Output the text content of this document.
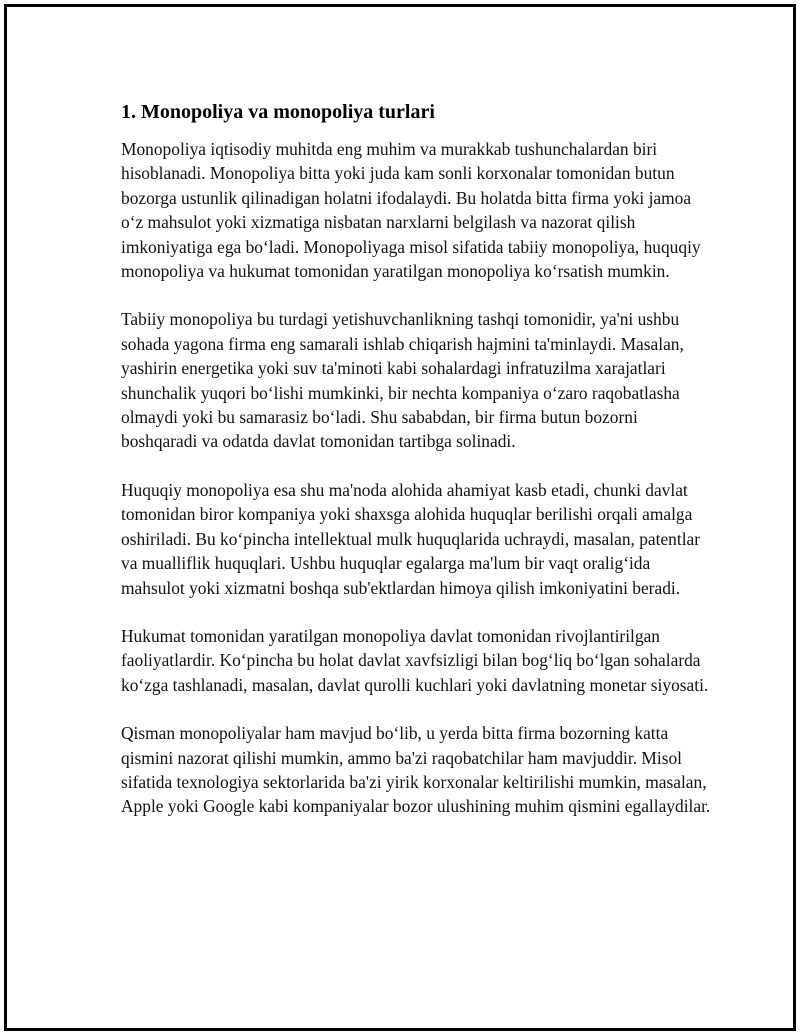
1. Monopoliya va monopoliya turlari

Monopoliya iqtisodiy muhitda eng muhim va murakkab tushunchalardan biri hisoblanadi. Monopoliya bitta yoki juda kam sonli korxonalar tomonidan butun bozorga ustunlik qilinadigan holatni ifodalaydi. Bu holatda bitta firma yoki jamoa o‘z mahsulot yoki xizmatiga nisbatan narxlarni belgilash va nazorat qilish imkoniyatiga ega bo‘ladi. Monopoliyaga misol sifatida tabiiy monopoliya, huquqiy monopoliya va hukumat tomonidan yaratilgan monopoliya ko‘rsatish mumkin.

Tabiiy monopoliya bu turdagi yetishuvchanlikning tashqi tomonidir, ya'ni ushbu sohada yagona firma eng samarali ishlab chiqarish hajmini ta'minlaydi. Masalan, yashirin energetika yoki suv ta'minoti kabi sohalardagi infratuzilma xarajatlari shunchalik yuqori bo‘lishi mumkinki, bir nechta kompaniya o‘zaro raqobatlasha olmaydi yoki bu samarasiz bo‘ladi. Shu sababdan, bir firma butun bozorni boshqaradi va odatda davlat tomonidan tartibga solinadi.

Huquqiy monopoliya esa shu ma'noda alohida ahamiyat kasb etadi, chunki davlat tomonidan biror kompaniya yoki shaxsga alohida huquqlar berilishi orqali amalga oshiriladi. Bu ko‘pincha intellektual mulk huquqlarida uchraydi, masalan, patentlar va mualliflik huquqlari. Ushbu huquqlar egalarga ma'lum bir vaqt oralig‘ida mahsulot yoki xizmatni boshqa sub'ektlardan himoya qilish imkoniyatini beradi.

Hukumat tomonidan yaratilgan monopoliya davlat tomonidan rivojlantirilgan faoliyatlardir. Ko‘pincha bu holat davlat xavfsizligi bilan bog‘liq bo‘lgan sohalarda ko‘zga tashlanadi, masalan, davlat qurolli kuchlari yoki davlatning monetar siyosati.

Qisman monopoliyalar ham mavjud bo‘lib, u yerda bitta firma bozorning katta qismini nazorat qilishi mumkin, ammo ba'zi raqobatchilar ham mavjuddir. Misol sifatida texnologiya sektorlarida ba'zi yirik korxonalar keltirilishi mumkin, masalan, Apple yoki Google kabi kompaniyalar bozor ulushining muhim qismini egallaydilar.
